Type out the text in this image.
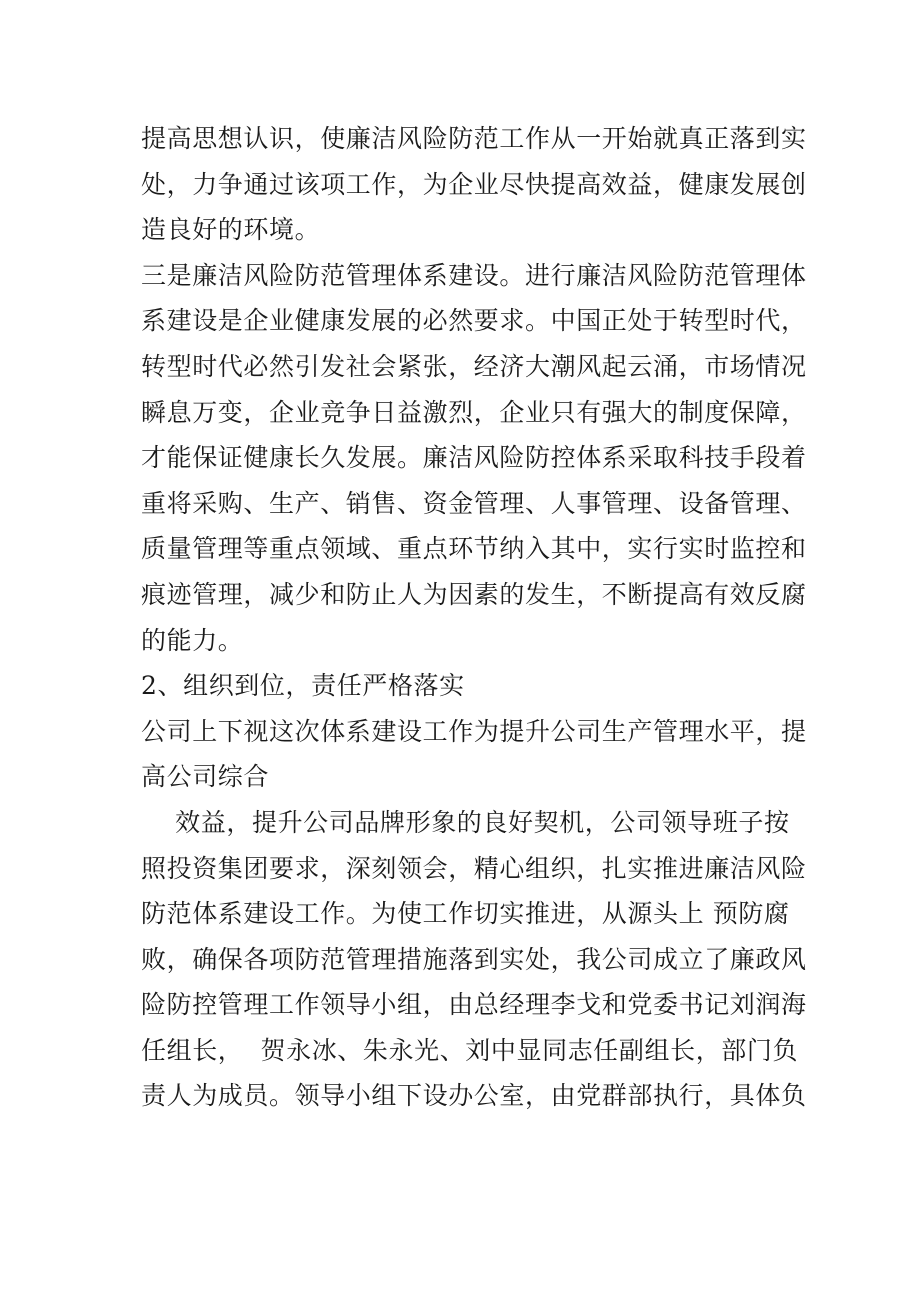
提高思想认识，使廉洁风险防范工作从一开始就真正落到实
处，力争通过该项工作，为企业尽快提高效益，健康发展创
造良好的环境。
三是廉洁风险防范管理体系建设。进行廉洁风险防范管理体
系建设是企业健康发展的必然要求。中国正处于转型时代，
转型时代必然引发社会紧张，经济大潮风起云涌，市场情况
瞬息万变，企业竞争日益激烈，企业只有强大的制度保障，
才能保证健康长久发展。廉洁风险防控体系采取科技手段着
重将采购、生产、销售、资金管理、人事管理、设备管理、
质量管理等重点领域、重点环节纳入其中，实行实时监控和
痕迹管理，减少和防止人为因素的发生，不断提高有效反腐
的能力。
2、组织到位，责任严格落实
公司上下视这次体系建设工作为提升公司生产管理水平，提
高公司综合
效益，提升公司品牌形象的良好契机，公司领导班子按
照投资集团要求，深刻领会，精心组织，扎实推进廉洁风险
防范体系建设工作。为使工作切实推进，从源头上 预防腐
败，确保各项防范管理措施落到实处，我公司成立了廉政风
险防控管理工作领导小组，由总经理李戈和党委书记刘润海
任组长，  贺永冰、朱永光、刘中显同志任副组长，部门负
责人为成员。领导小组下设办公室，由党群部执行，具体负
